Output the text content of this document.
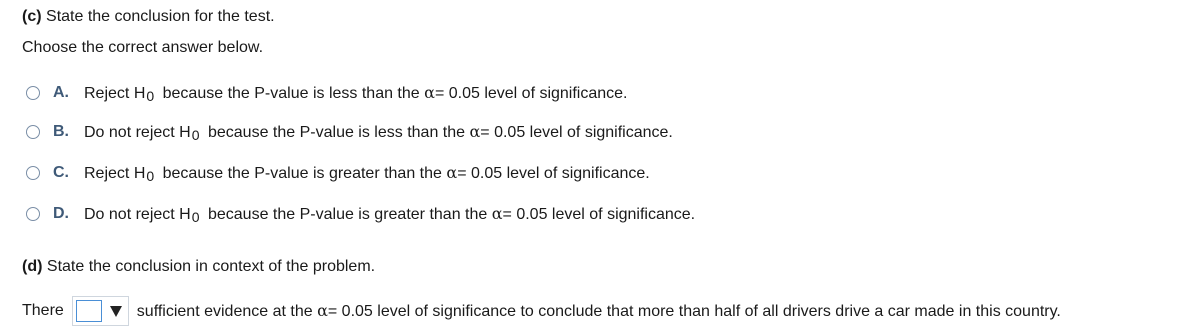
(c) State the conclusion for the test.
Choose the correct answer below.
A. Reject $H_0$ because the P-value is less than the α= 0.05 level of significance.
B. Do not reject $H_0$ because the P-value is less than the α= 0.05 level of significance.
C. Reject $H_0$ because the P-value is greater than the α= 0.05 level of significance.
D. Do not reject $H_0$ because the P-value is greater than the α= 0.05 level of significance.
(d) State the conclusion in context of the problem.
There	sufficient evidence at the α= 0.05 level of significance to conclude that more than half of all drivers drive a car made in this country.
